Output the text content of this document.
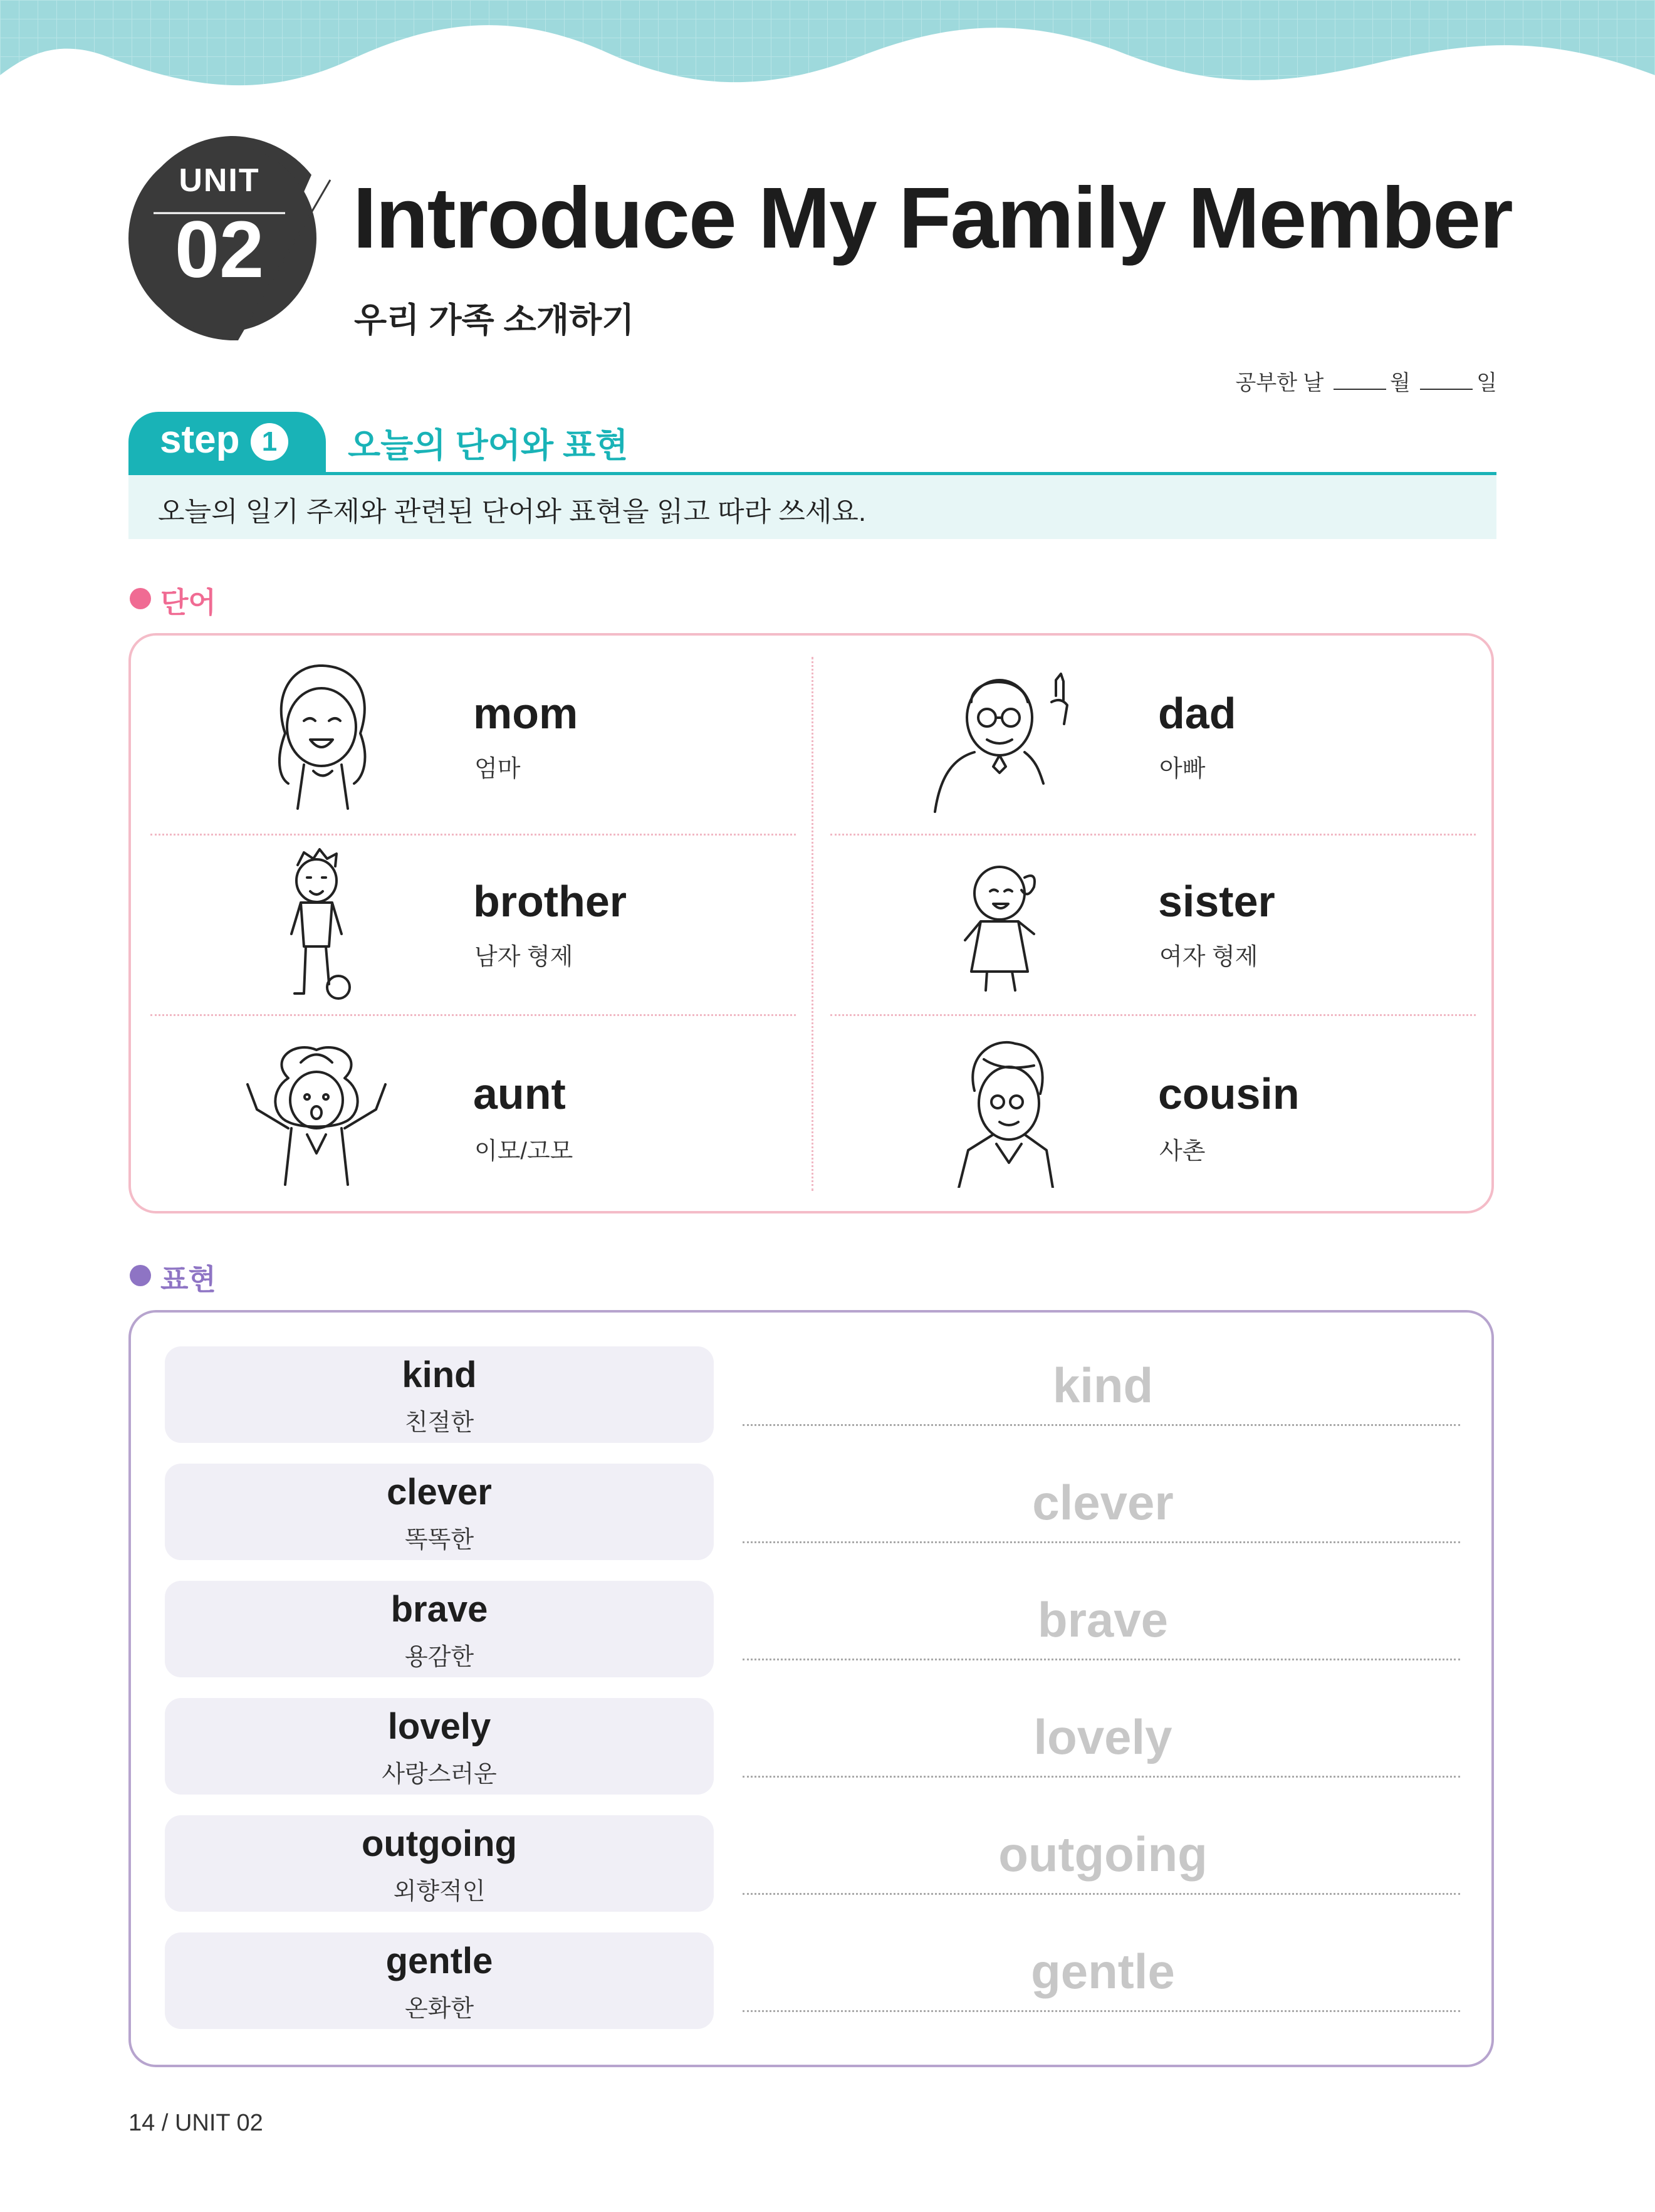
UNIT
02	Introduce My Family Member
우리 가족 소개하기
공부한 날	월	일
step 1	오늘의 단어와 표현
오늘의 일기 주제와 관련된 단어와 표현을 읽고 따라 쓰세요.
단어
mom
엄마
dad
아빠
brother
남자 형제
sister
여자 형제
aunt
이모/고모
cousin
사촌
표현
kind
친절한
kind
clever
똑똑한
clever
brave
용감한
brave
lovely
사랑스러운
lovely
outgoing
외향적인
outgoing
gentle
온화한
gentle
14 / UNIT 02
